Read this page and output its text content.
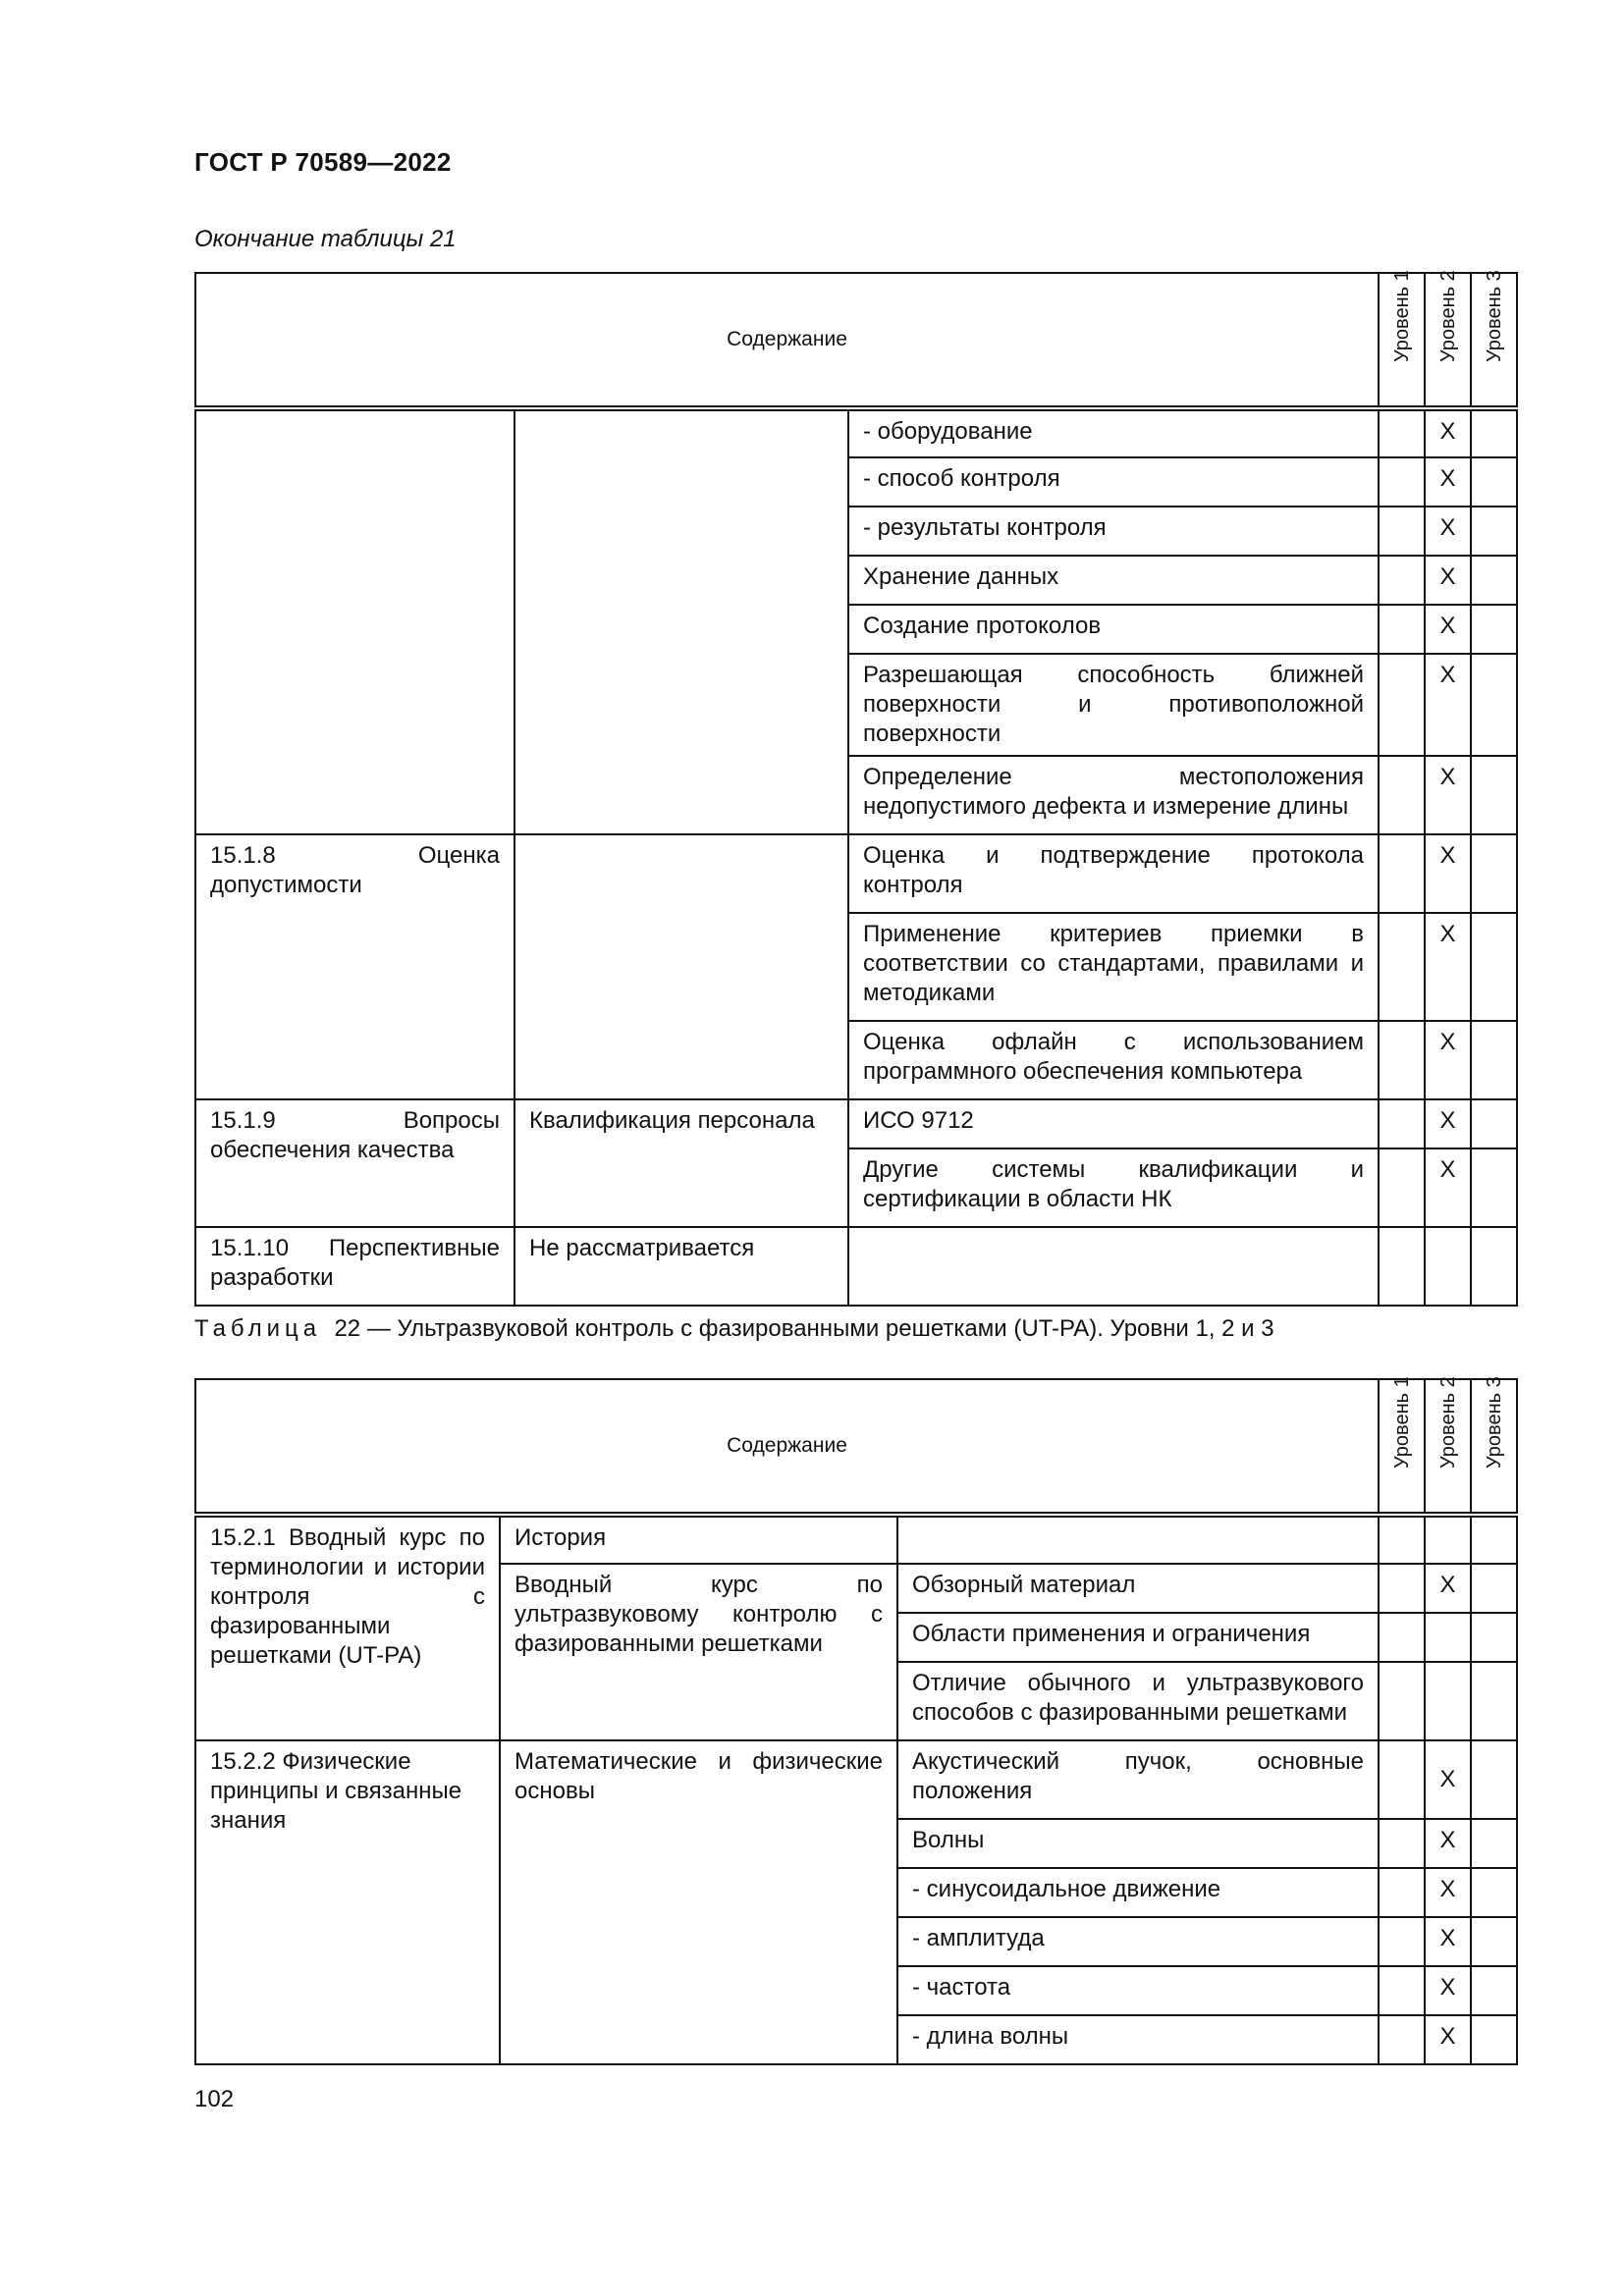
ГОСТ Р 70589—2022
Окончание таблицы 21
Содержание			Уровень 1	Уровень 2	Уровень 3

		- оборудование		X	
		- способ контроля		X	
		- результаты контроля		X	
		Хранение данных		X	
		Создание протоколов		X	
		Разрешающая способность ближней поверхности и противоположной поверхности		X	
		Определение местоположения недопустимого дефекта и измерение длины		X	
15.1.8 Оценка допустимости		Оценка и подтверждение протокола контроля		X	
		Применение критериев приемки в соответствии со стандартами, правилами и методиками		X	
		Оценка офлайн с использованием программного обеспечения компьютера		X	
15.1.9 Вопросы обеспечения качества	Квалификация персонала	ИСО 9712		X	
		Другие системы квалификации и сертификации в области НК		X	
15.1.10 Перспективные разработки	Не рассматривается				
Таблица 22 — Ультразвуковой контроль с фазированными решетками (UT-PA). Уровни 1, 2 и 3
Содержание			Уровень 1	Уровень 2	Уровень 3

15.2.1 Вводный курс по терминологии и истории контроля с фазированными решетками (UT-PA)	История				
	Вводный курс по ультразвуковому контролю с фазированными решетками	Обзорный материал		X	
		Области применения и ограничения			
		Отличие обычного и ультразвукового способов с фазированными решетками			
15.2.2 Физические принципы и связанные знания	Математические и физические основы	Акустический пучок, основные положения		X	
		Волны		X	
		- синусоидальное движение		X	
		- амплитуда		X	
		- частота		X	
		- длина волны		X	
102
